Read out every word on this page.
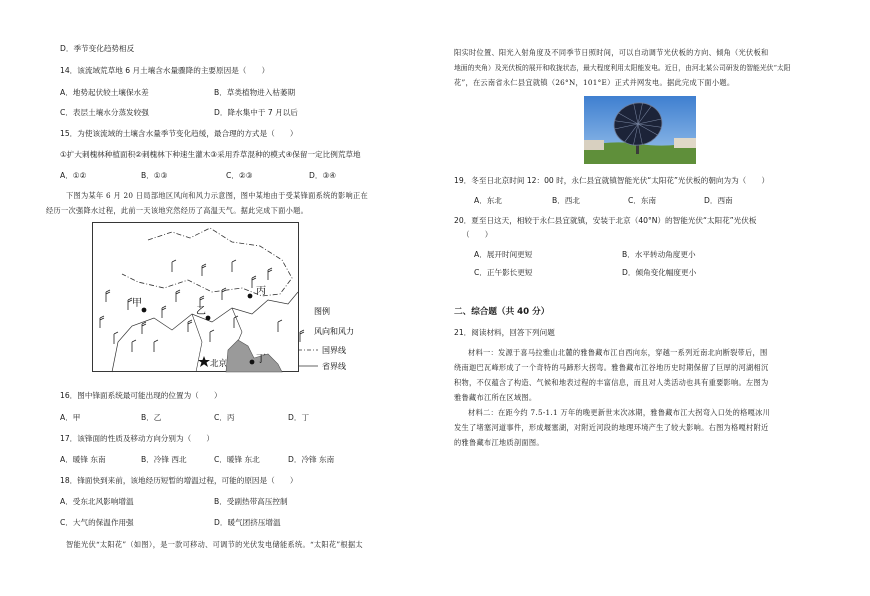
D．季节变化趋势相反
14．该流域荒草地 6 月土壤含水量骤降的主要原因是（　　）
A．地势起伏较土壤保水差	B．草类植物进入枯萎期
C．表层土壤水分蒸发较强	D．降水集中于 7 月以后
15．为使该流域的土壤含水量季节变化趋缓，最合理的方式是（　　）
①扩大刺槐林种植面积②刺槐林下种速生灌木③采用乔草混种的模式④保留一定比例荒草地
A．①②	B．①③	C．②③	D．③④
下图为某年 6 月 20 日局部地区风向和风力示意图，图中某地由于受某锋面系统的影响正在
经历一次强降水过程，此前一天该地究然经历了高温天气。据此完成下面小题。
甲
乙
丙
丁
北京
图例
风向和风力
国界线
省界线
16．图中锋面系统最可能出现的位置为（　　）
A．甲	B．乙	C．丙	D．丁
17．该锋面的性质及移动方向分别为（　　）
A．暖锋 东南	B．冷锋 西北	C．暖锋 东北	D．冷锋 东南
18．锋面快到来前，该地经历短暂的增温过程，可能的原因是（　　）
A．受东北风影响增温	B．受副热带高压控制
C．大气的保温作用强	D．暖气团挤压增温
智能光伏“太阳花”（如图），是一款可移动、可调节的光伏发电储能系统。“太阳花”根据太
阳实时位置、阳光入射角度及不同季节日照时间，可以自动调节光伏板的方向、倾角（光伏板和
地面的夹角）及光伏板的展开和收拢状态，最大程度利用太阳能发电。近日，由河北某公司研发的智能光伏“太阳
花”，在云南省永仁县宜就镇（26°N，101°E）正式并网发电。据此完成下面小题。
19．冬至日北京时间 12：00 时，永仁县宜就镇智能光伏“太阳花”光伏板的朝向为为（　　）
A．东北	B．西北	C．东南	D．西南
20．夏至日这天，相较于永仁县宜就镇，安装于北京（40°N）的智能光伏“太阳花”光伏板
（　　）
A．展开时间更短	B．水平转动角度更小
C．正午影长更短	D．倾角变化幅度更小
二、综合题（共 40 分）
21．阅读材料，回答下列问题
材料一：发源于喜马拉雅山北麓的雅鲁藏布江自西向东，穿越一系列近南北向断裂带后，围
绕南迦巴瓦峰形成了一个奇特的马蹄形大拐弯。雅鲁藏布江谷地历史时期保留了巨厚的河湖相沉
积物，不仅蕴含了构造、气候和地表过程的丰富信息，而且对人类活动也具有重要影响。左图为
雅鲁藏布江所在区域图。
材料二：在距今约 7.5-1.1 万年的晚更新世末次冰期，雅鲁藏布江大拐弯入口处的格嘎冰川
发生了堵塞河道事件，形成堰塞湖，对附近河段的地理环境产生了较大影响。右图为格嘎村附近
的雅鲁藏布江地质剖面图。
